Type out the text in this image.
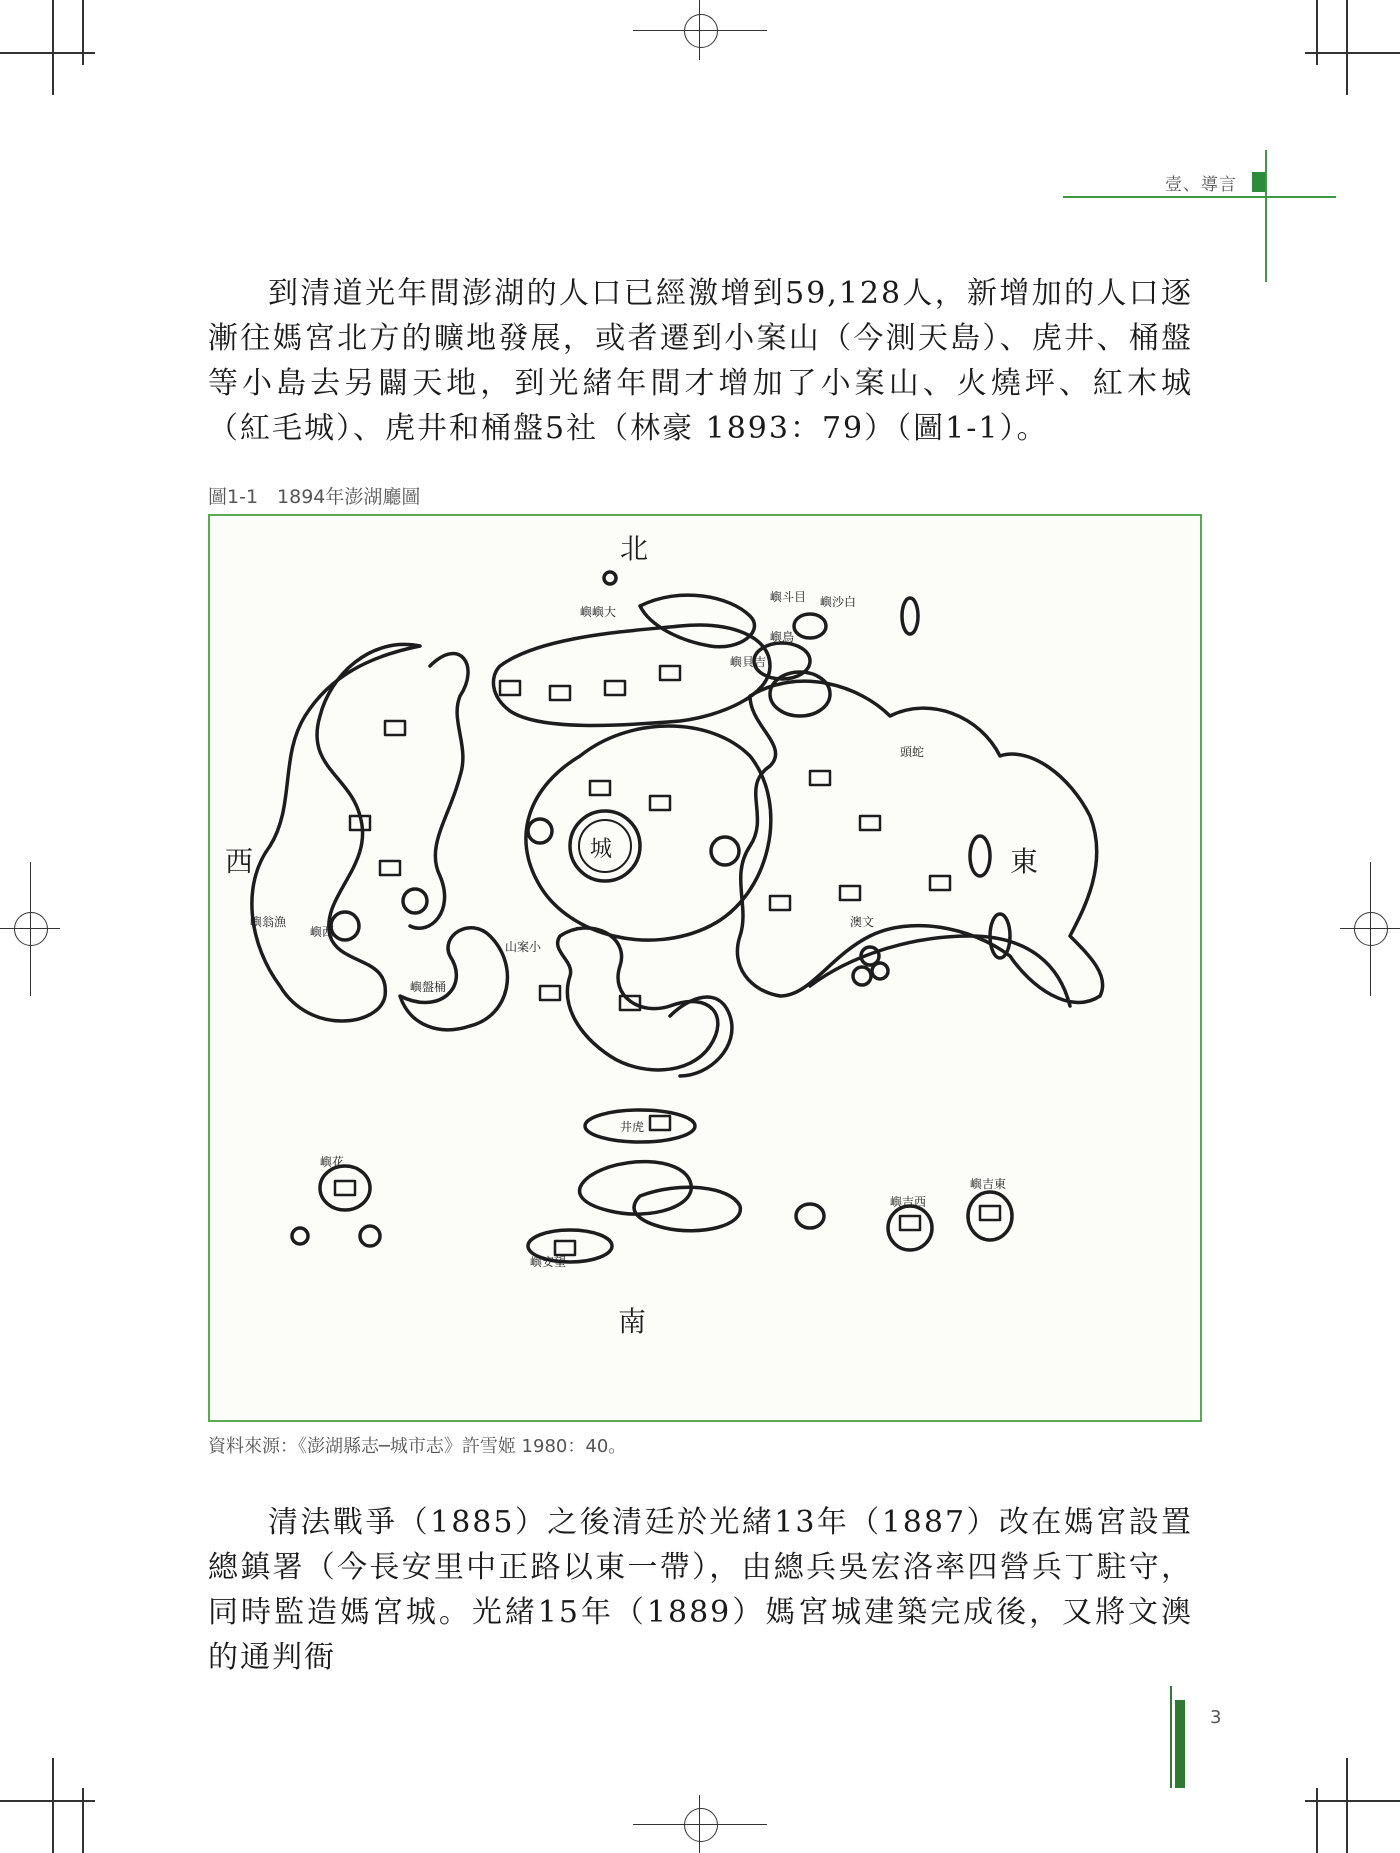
壹、導言

到清道光年間澎湖的人口已經激增到59,128人，新增加的人口逐漸往媽宮北方的曠地發展，或者遷到小案山（今測天島）、虎井、桶盤等小島去另闢天地，到光緒年間才增加了小案山、火燒坪、紅木城（紅毛城）、虎井和桶盤5社（林豪 1893：79）（圖1-1）。

圖1-1　1894年澎湖廳圖
北
南
西	東
城
嶼安望
嶼花
嶼吉西
嶼吉東
嶼鳥
嶼斗目 嶼沙白
井虎
嶼盤桶
山案小
頭蛇
澳文
嶼西
嶼翁漁
嶼嶼大
嶼貝吉
資料來源：《澎湖縣志─城市志》許雪姬 1980：40。

清法戰爭（1885）之後清廷於光緒13年（1887）改在媽宮設置總鎮署（今長安里中正路以東一帶），由總兵吳宏洛率四營兵丁駐守，同時監造媽宮城。光緒15年（1889）媽宮城建築完成後，又將文澳的通判衙

3
